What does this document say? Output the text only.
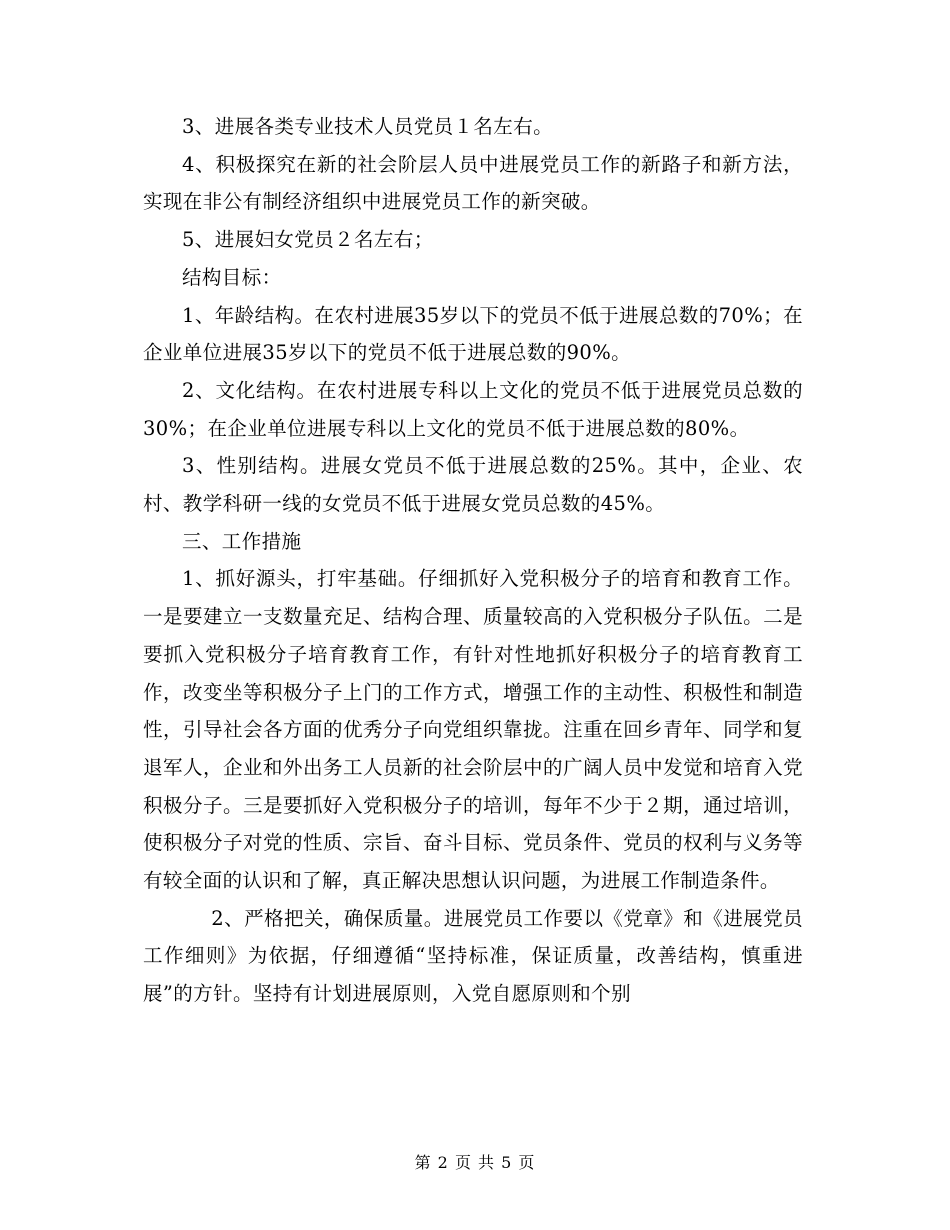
3、进展各类专业技术人员党员１名左右。

4、积极探究在新的社会阶层人员中进展党员工作的新路子和新方法，实现在非公有制经济组织中进展党员工作的新突破。

5、进展妇女党员２名左右；

结构目标：

1、年龄结构。在农村进展35岁以下的党员不低于进展总数的70%；在企业单位进展35岁以下的党员不低于进展总数的90%。

2、文化结构。在农村进展专科以上文化的党员不低于进展党员总数的30%；在企业单位进展专科以上文化的党员不低于进展总数的80%。

3、性别结构。进展女党员不低于进展总数的25%。其中，企业、农村、教学科研一线的女党员不低于进展女党员总数的45%。

三、工作措施

1、抓好源头，打牢基础。仔细抓好入党积极分子的培育和教育工作。一是要建立一支数量充足、结构合理、质量较高的入党积极分子队伍。二是要抓入党积极分子培育教育工作，有针对性地抓好积极分子的培育教育工作，改变坐等积极分子上门的工作方式，增强工作的主动性、积极性和制造性，引导社会各方面的优秀分子向党组织靠拢。注重在回乡青年、同学和复退军人，企业和外出务工人员新的社会阶层中的广阔人员中发觉和培育入党积极分子。三是要抓好入党积极分子的培训，每年不少于２期，通过培训，使积极分子对党的性质、宗旨、奋斗目标、党员条件、党员的权利与义务等有较全面的认识和了解，真正解决思想认识问题，为进展工作制造条件。

2、严格把关，确保质量。进展党员工作要以《党章》和《进展党员工作细则》为依据，仔细遵循“坚持标准，保证质量，改善结构，慎重进展”的方针。坚持有计划进展原则，入党自愿原则和个别

第 2 页 共 5 页
